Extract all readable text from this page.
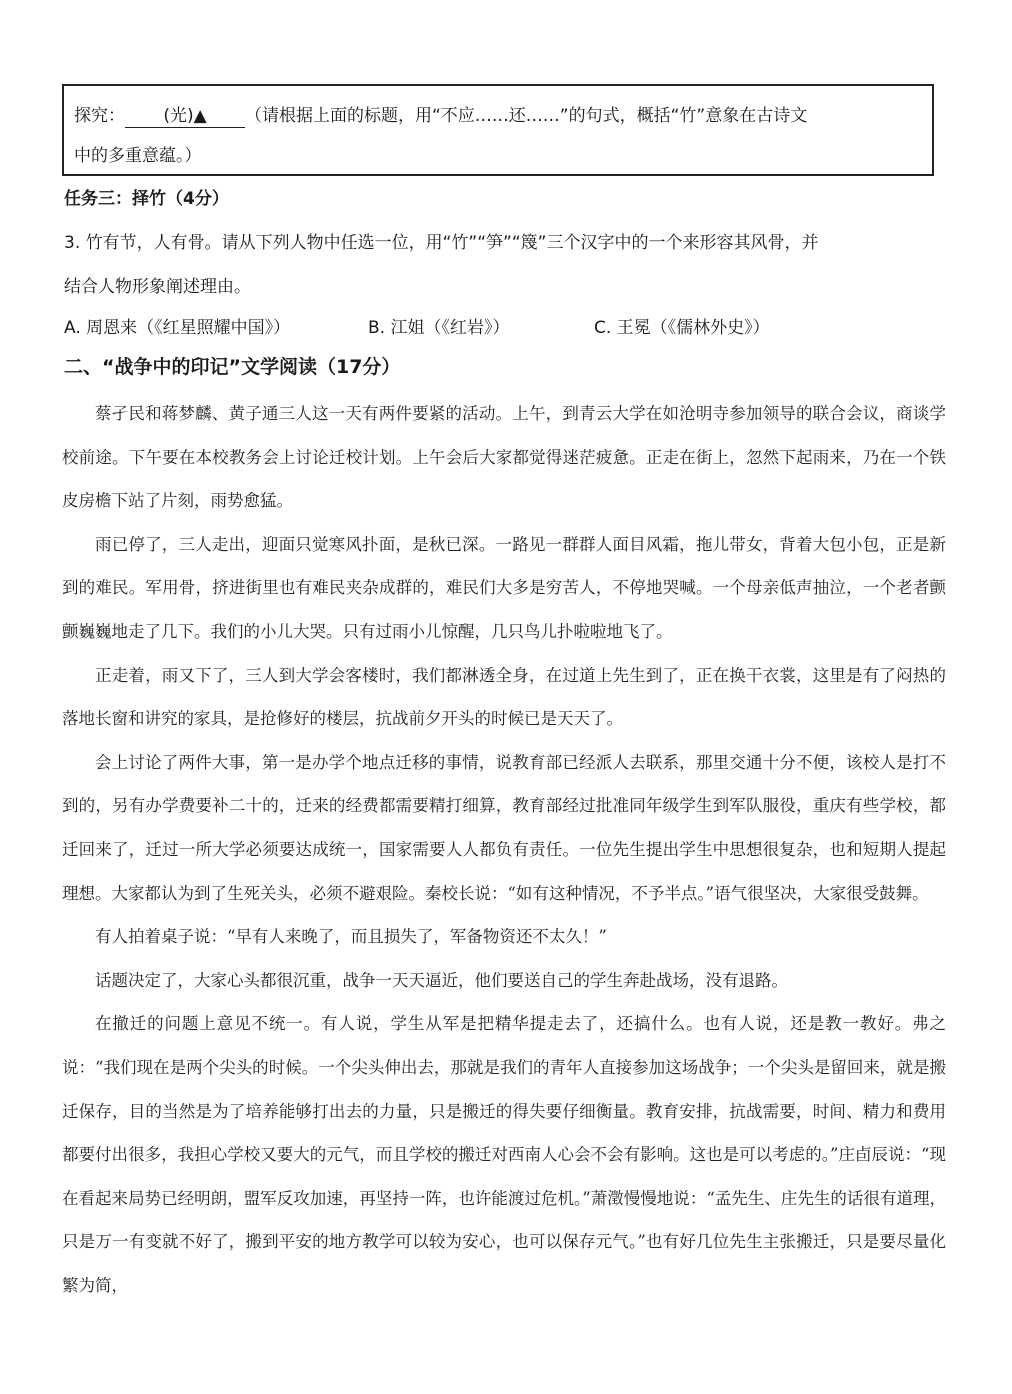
探究： (光)▲ （请根据上面的标题，用“不应……还……”的句式，概括“竹”意象在古诗文
中的多重意蕴。）
任务三：择竹（4分）
3. 竹有节，人有骨。请从下列人物中任选一位，用“竹”“笋”“篾”三个汉字中的一个来形容其风骨，并
结合人物形象阐述理由。
A. 周恩来（《红星照耀中国》）	B. 江姐（《红岩》）	C. 王冕（《儒林外史》）
二、“战争中的印记”文学阅读（17分）

蔡孑民和蒋梦麟、黄子通三人这一天有两件要紧的活动。上午，到青云大学在如沧明寺参加领导的联合会议，商谈学校前途。下午要在本校教务会上讨论迁校计划。上午会后大家都觉得迷茫疲惫。正走在街上，忽然下起雨来，乃在一个铁皮房檐下站了片刻，雨势愈猛。

雨已停了，三人走出，迎面只觉寒风扑面，是秋已深。一路见一群群人面目风霜，拖儿带女，背着大包小包，正是新到的难民。军用骨，挤进街里也有难民夹杂成群的，难民们大多是穷苦人，不停地哭喊。一个母亲低声抽泣，一个老者颤颤巍巍地走了几下。我们的小儿大哭。只有过雨小儿惊醒，几只鸟儿扑啦啦地飞了。

正走着，雨又下了，三人到大学会客楼时，我们都淋透全身，在过道上先生到了，正在换干衣裳，这里是有了闷热的落地长窗和讲究的家具，是抢修好的楼层，抗战前夕开头的时候已是天天了。

会上讨论了两件大事，第一是办学个地点迁移的事情，说教育部已经派人去联系，那里交通十分不便，该校人是打不到的，另有办学费要补二十的，迁来的经费都需要精打细算，教育部经过批准同年级学生到军队服役，重庆有些学校，都迁回来了，迁过一所大学必须要达成统一，国家需要人人都负有责任。一位先生提出学生中思想很复杂，也和短期人提起理想。大家都认为到了生死关头，必须不避艰险。秦校长说：“如有这种情况，不予半点。”语气很坚决，大家很受鼓舞。

有人拍着桌子说：“早有人来晚了，而且损失了，军备物资还不太久！”

话题决定了，大家心头都很沉重，战争一天天逼近，他们要送自己的学生奔赴战场，没有退路。

在撤迁的问题上意见不统一。有人说，学生从军是把精华提走去了，还搞什么。也有人说，还是教一教好。弗之说：“我们现在是两个尖头的时候。一个尖头伸出去，那就是我们的青年人直接参加这场战争；一个尖头是留回来，就是搬迁保存，目的当然是为了培养能够打出去的力量，只是搬迁的得失要仔细衡量。教育安排，抗战需要，时间、精力和费用都要付出很多，我担心学校又要大的元气，而且学校的搬迁对西南人心会不会有影响。这也是可以考虑的。”庄卣辰说：“现在看起来局势已经明朗，盟军反攻加速，再坚持一阵，也许能渡过危机。”萧澂慢慢地说：“孟先生、庄先生的话很有道理，只是万一有变就不好了，搬到平安的地方教学可以较为安心，也可以保存元气。”也有好几位先生主张搬迁，只是要尽量化繁为简，
